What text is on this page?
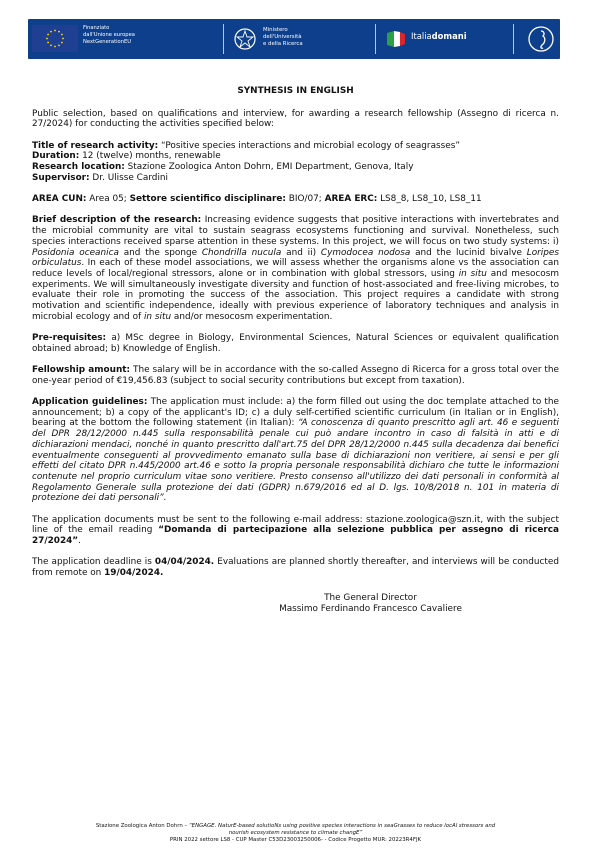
Finanziato
dall'Unione europea
NextGenerationEU
Ministero
dell'Università
e della Ricerca
Italiadomani

SYNTHESIS IN ENGLISH

Public selection, based on qualifications and interview, for awarding a research fellowship (Assegno di ricerca n. 27/2024) for conducting the activities specified below:

Title of research activity: “Positive species interactions and microbial ecology of seagrasses”
Duration: 12 (twelve) months, renewable
Research location: Stazione Zoologica Anton Dohrn, EMI Department, Genova, Italy
Supervisor: Dr. Ulisse Cardini

AREA CUN: Area 05; Settore scientifico disciplinare: BIO/07; AREA ERC: LS8_8, LS8_10, LS8_11

Brief description of the research: Increasing evidence suggests that positive interactions with invertebrates and the microbial community are vital to sustain seagrass ecosystems functioning and survival. Nonetheless, such species interactions received sparse attention in these systems. In this project, we will focus on two study systems: i) Posidonia oceanica and the sponge Chondrilla nucula and ii) Cymodocea nodosa and the lucinid bivalve Loripes orbiculatus. In each of these model associations, we will assess whether the organisms alone vs the association can reduce levels of local/regional stressors, alone or in combination with global stressors, using in situ and mesocosm experiments. We will simultaneously investigate diversity and function of host-associated and free-living microbes, to evaluate their role in promoting the success of the association. This project requires a candidate with strong motivation and scientific independence, ideally with previous experience of laboratory techniques and analysis in microbial ecology and of in situ and/or mesocosm experimentation.

Pre-requisites: a) MSc degree in Biology, Environmental Sciences, Natural Sciences or equivalent qualification obtained abroad; b) Knowledge of English.

Fellowship amount: The salary will be in accordance with the so-called Assegno di Ricerca for a gross total over the one-year period of €19,456.83 (subject to social security contributions but except from taxation).

Application guidelines: The application must include: a) the form filled out using the doc template attached to the announcement; b) a copy of the applicant's ID; c) a duly self-certified scientific curriculum (in Italian or in English), bearing at the bottom the following statement (in Italian): “A conoscenza di quanto prescritto agli art. 46 e seguenti del DPR 28/12/2000 n.445 sulla responsabilità penale cui può andare incontro in caso di falsità in atti e di dichiarazioni mendaci, nonché in quanto prescritto dall'art.75 del DPR 28/12/2000 n.445 sulla decadenza dai benefici eventualmente conseguenti al provvedimento emanato sulla base di dichiarazioni non veritiere, ai sensi e per gli effetti del citato DPR n.445/2000 art.46 e sotto la propria personale responsabilità dichiaro che tutte le informazioni contenute nel proprio curriculum vitae sono veritiere. Presto consenso all'utilizzo dei dati personali in conformità al Regolamento Generale sulla protezione dei dati (GDPR) n.679/2016 ed al D. lgs. 10/8/2018 n. 101 in materia di protezione dei dati personali”.

The application documents must be sent to the following e-mail address: stazione.zoologica@szn.it, with the subject line of the email reading “Domanda di partecipazione alla selezione pubblica per assegno di ricerca 27/2024”.

The application deadline is 04/04/2024. Evaluations are planned shortly thereafter, and interviews will be conducted from remote on 19/04/2024.

The General Director
Massimo Ferdinando Francesco Cavaliere
Stazione Zoologica Anton Dohrn – “ENGAGE. NaturE-based solutioNs using positive species interactions in seaGrasses to reduce locAl stressors and
nourish ecosystem resistance to climate changE”
PRIN 2022 settore LS8 - CUP Master C53D23003250006- - Codice Progetto MUR: 20223R4FJK
